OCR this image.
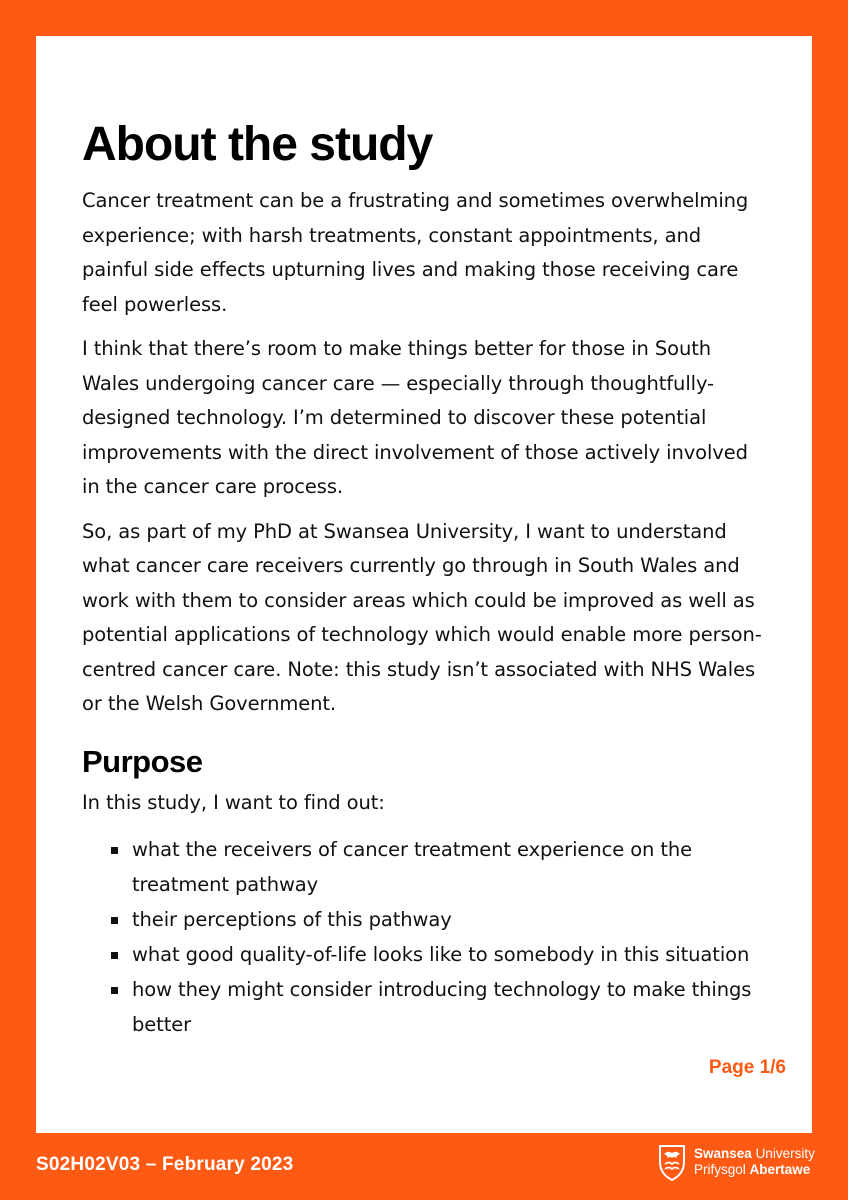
About the study

Cancer treatment can be a frustrating and sometimes overwhelming experience; with harsh treatments, constant appointments, and painful side effects upturning lives and making those receiving care feel powerless.

I think that there’s room to make things better for those in South Wales undergoing cancer care — especially through thoughtfully-designed technology. I’m determined to discover these potential improvements with the direct involvement of those actively involved in the cancer care process.

So, as part of my PhD at Swansea University, I want to understand what cancer care receivers currently go through in South Wales and work with them to consider areas which could be improved as well as potential applications of technology which would enable more person-centred cancer care. Note: this study isn’t associated with NHS Wales or the Welsh Government.

Purpose

In this study, I want to find out:

what the receivers of cancer treatment experience on the treatment pathway
their perceptions of this pathway
what good quality-of-life looks like to somebody in this situation
how they might consider introducing technology to make things better
Page 1/6
S02H02V03 – February 2023
Swansea University
Prifysgol Abertawe
